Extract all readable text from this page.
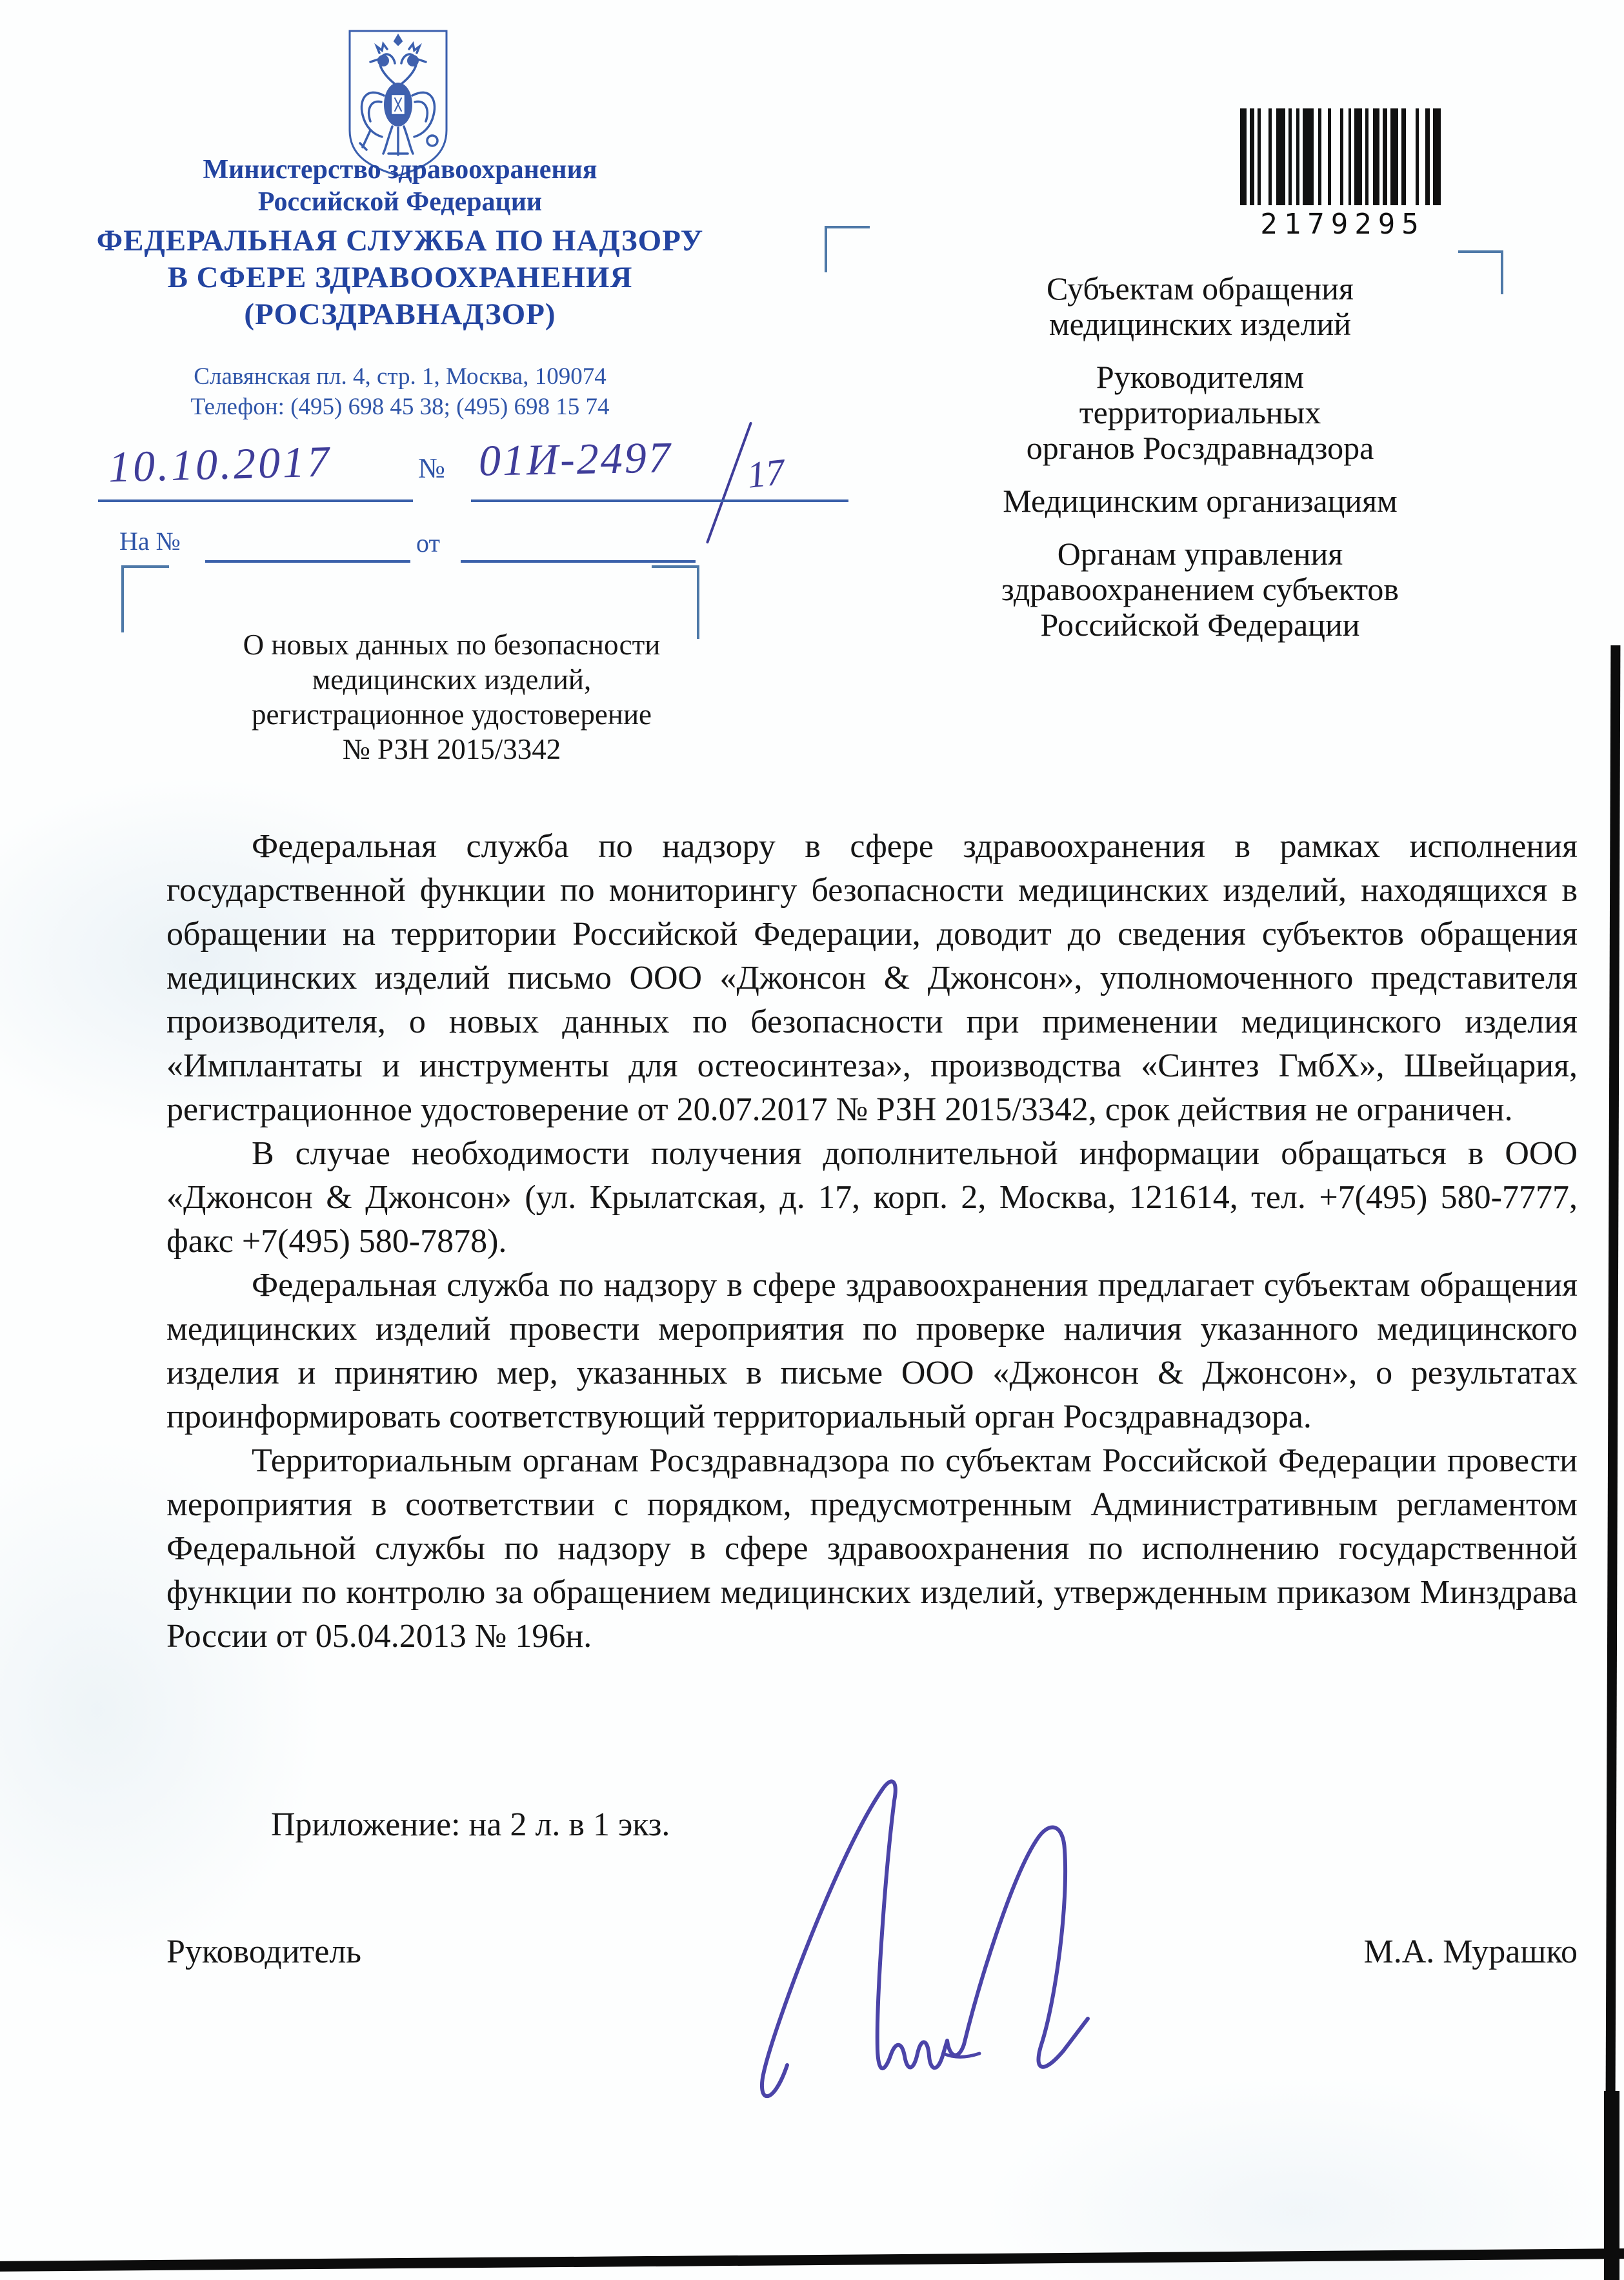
Министерство здравоохранения
Российской Федерации
ФЕДЕРАЛЬНАЯ СЛУЖБА ПО НАДЗОРУ
В СФЕРЕ ЗДРАВООХРАНЕНИЯ
(РОСЗДРАВНАДЗОР)
Славянская пл. 4, стр. 1, Москва, 109074
Телефон: (495) 698 45 38; (495) 698 15 74
2179295
10.10.2017	№ 01И-2497 17
На №	от
О новых данных по безопасности
медицинских изделий,
регистрационное удостоверение
№ РЗН 2015/3342
Субъектам обращения
медицинских изделий
Руководителям
территориальных
органов Росздравнадзора
Медицинским организациям
Органам управления
здравоохранением субъектов
Российской Федерации

Федеральная служба по надзору в сфере здравоохранения в рамках исполнения государственной функции по мониторингу безопасности медицинских изделий, находящихся в обращении на территории Российской Федерации, доводит до сведения субъектов обращения медицинских изделий письмо ООО «Джонсон & Джонсон», уполномоченного представителя производителя, о новых данных по безопасности при применении медицинского изделия «Имплантаты и инструменты для остеосинтеза», производства «Синтез ГмбХ», Швейцария, регистрационное удостоверение от 20.07.2017 № РЗН 2015/3342, срок действия не ограничен.

В случае необходимости получения дополнительной информации обращаться в ООО «Джонсон & Джонсон» (ул. Крылатская, д. 17, корп. 2, Москва, 121614, тел. +7(495) 580-7777, факс +7(495) 580-7878).

Федеральная служба по надзору в сфере здравоохранения предлагает субъектам обращения медицинских изделий провести мероприятия по проверке наличия указанного медицинского изделия и принятию мер, указанных в письме ООО «Джонсон & Джонсон», о результатах проинформировать соответствующий территориальный орган Росздравнадзора.

Территориальным органам Росздравнадзора по субъектам Российской Федерации провести мероприятия в соответствии с порядком, предусмотренным Административным регламентом Федеральной службы по надзору в сфере здравоохранения по исполнению государственной функции по контролю за обращением медицинских изделий, утвержденным приказом Минздрава России от 05.04.2013 № 196н.

Приложение: на 2 л. в 1 экз.
Руководитель	М.А. Мурашко
